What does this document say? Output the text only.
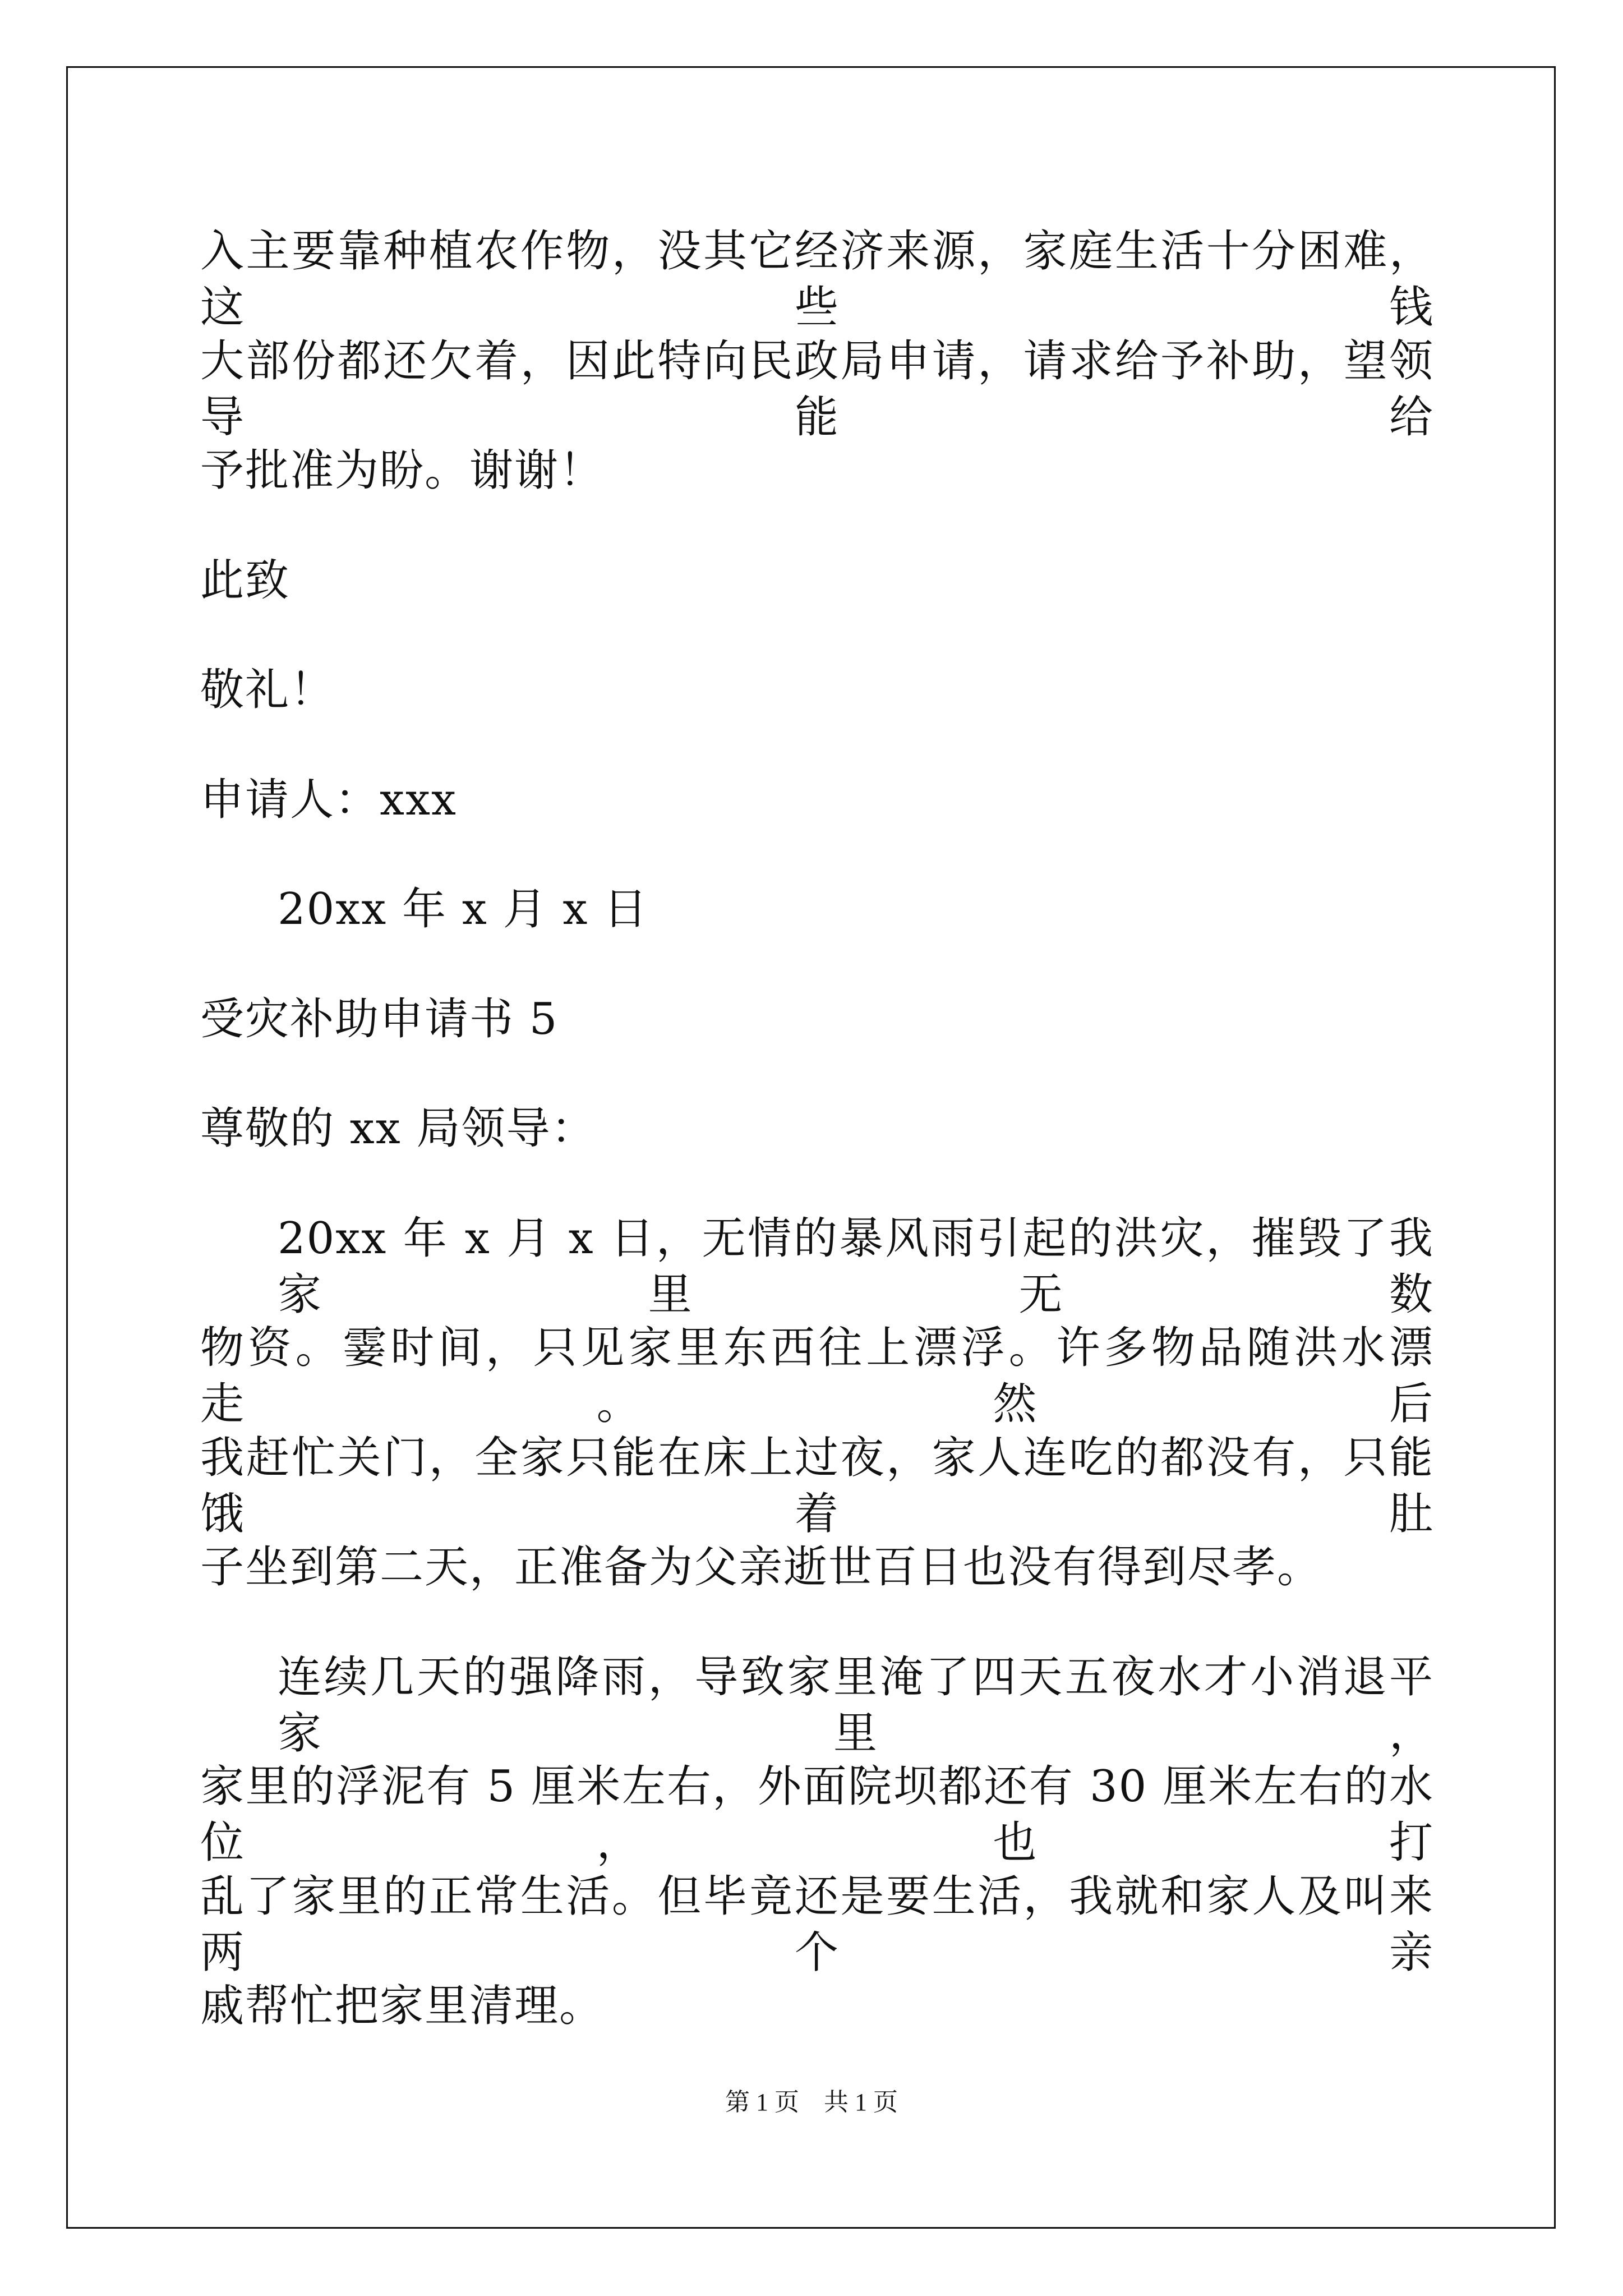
入主要靠种植农作物，没其它经济来源，家庭生活十分困难，这些钱
大部份都还欠着，因此特向民政局申请，请求给予补助，望领导能给
予批准为盼。谢谢！
此致
敬礼！
申请人：xxx
20xx 年 x 月 x 日
受灾补助申请书 5
尊敬的 xx 局领导：
20xx 年 x 月 x 日，无情的暴风雨引起的洪灾，摧毁了我家里无数
物资。霎时间，只见家里东西往上漂浮。许多物品随洪水漂走。然后
我赶忙关门，全家只能在床上过夜，家人连吃的都没有，只能饿着肚
子坐到第二天，正准备为父亲逝世百日也没有得到尽孝。
连续几天的强降雨，导致家里淹了四天五夜水才小消退平家里，
家里的浮泥有 5 厘米左右，外面院坝都还有 30 厘米左右的水位，也打
乱了家里的正常生活。但毕竟还是要生活，我就和家人及叫来两个亲
戚帮忙把家里清理。
第 1 页    共 1 页
